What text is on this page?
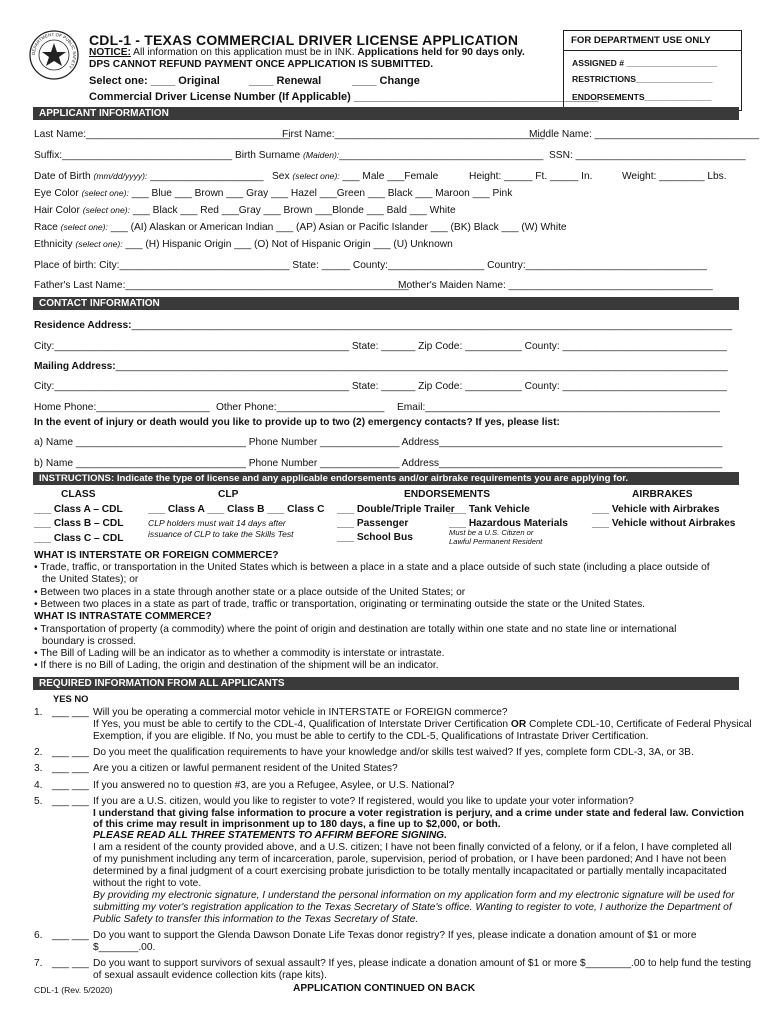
DEPARTMENT OF PUBLIC SAFETY
CDL-1 - TEXAS COMMERCIAL DRIVER LICENSE APPLICATION
NOTICE: All information on this application must be in INK. Applications held for 90 days only.
DPS CANNOT REFUND PAYMENT ONCE APPLICATION IS SUBMITTED.
Select one: ____ Original	____ Renewal	____ Change
Commercial Driver License Number (If Applicable) ________________________________________
FOR DEPARTMENT USE ONLY
ASSIGNED # ___________________
RESTRICTIONS________________
ENDORSEMENTS______________
APPLICANT INFORMATION
Last Name:____________________________________
First Name:_____________________________________
Middle Name: _____________________________
Suffix:______________________________ Birth Surname (Maiden):____________________________________ SSN: ______________________________
Date of Birth (mm/dd/yyyy): ____________________ Sex (select one): ___ Male ___Female	Height: _____ Ft. _____ In.	Weight: ________ Lbs.
Eye Color (select one): ___ Blue ___ Brown ___ Gray ___ Hazel ___Green ___ Black ___ Maroon ___ Pink
Hair Color (select one): ___ Black ___ Red ___Gray ___ Brown ___Blonde ___ Bald ___ White
Race (select one): ___ (AI) Alaskan or American Indian ___ (AP) Asian or Pacific Islander ___ (BK) Black ___ (W) White
Ethnicity (select one): ___ (H) Hispanic Origin ___ (O) Not of Hispanic Origin ___ (U) Unknown
Place of birth: City:______________________________ State: _____ County:_________________ Country:________________________________
Father's Last Name:__________________________________________________
Mother's Maiden Name: ____________________________________
CONTACT INFORMATION
Residence Address:__________________________________________________________________________________________________________
City:____________________________________________________ State: ______ Zip Code: __________ County: _____________________________
Mailing Address:____________________________________________________________________________________________________________
City:____________________________________________________ State: ______ Zip Code: __________ County: _____________________________
Home Phone:____________________ Other Phone:___________________ Email:____________________________________________________
In the event of injury or death would you like to provide up to two (2) emergency contacts? If yes, please list:
a) Name ______________________________ Phone Number ______________ Address__________________________________________________
b) Name ______________________________ Phone Number ______________ Address__________________________________________________
INSTRUCTIONS: Indicate the type of license and any applicable endorsements and/or airbrake requirements you are applying for.
CLASS
___ Class A – CDL
___ Class B – CDL
___ Class C – CDL
CLP
___ Class A ___ Class B ___ Class C
CLP holders must wait 14 days after
issuance of CLP to take the Skills Test
ENDORSEMENTS
___ Double/Triple Trailer
___ Tank Vehicle
___ Passenger	___ Hazardous Materials
Must be a U.S. Citizen or
Lawful Permanent Resident
___ School Bus
AIRBRAKES
___ Vehicle with Airbrakes
___ Vehicle without Airbrakes
WHAT IS INTERSTATE OR FOREIGN COMMERCE?
• Trade, traffic, or transportation in the United States which is between a place in a state and a place outside of such state (including a place outside of
the United States); or
• Between two places in a state through another state or a place outside of the United States; or
• Between two places in a state as part of trade, traffic or transportation, originating or terminating outside the state or the United States.
WHAT IS INTRASTATE COMMERCE?
• Transportation of property (a commodity) where the point of origin and destination are totally within one state and no state line or international
boundary is crossed.
• The Bill of Lading will be an indicator as to whether a commodity is interstate or intrastate.
• If there is no Bill of Lading, the origin and destination of the shipment will be an indicator.
REQUIRED INFORMATION FROM ALL APPLICANTS
YES NO
1. ___ ___ Will you be operating a commercial motor vehicle in INTERSTATE or FOREIGN commerce?
If Yes, you must be able to certify to the CDL-4, Qualification of Interstate Driver Certification OR Complete CDL-10, Certificate of Federal Physical
Exemption, if you are eligible. If No, you must be able to certify to the CDL-5, Qualifications of Intrastate Driver Certification.
2. ___ ___ Do you meet the qualification requirements to have your knowledge and/or skills test waived? If yes, complete form CDL-3, 3A, or 3B.
3. ___ ___ Are you a citizen or lawful permanent resident of the United States?
4. ___ ___ If you answered no to question #3, are you a Refugee, Asylee, or U.S. National?
5. ___ ___ If you are a U.S. citizen, would you like to register to vote? If registered, would you like to update your voter information?
I understand that giving false information to procure a voter registration is perjury, and a crime under state and federal law. Conviction
of this crime may result in imprisonment up to 180 days, a fine up to $2,000, or both.
PLEASE READ ALL THREE STATEMENTS TO AFFIRM BEFORE SIGNING.
I am a resident of the county provided above, and a U.S. citizen; I have not been finally convicted of a felony, or if a felon, I have completed all
of my punishment including any term of incarceration, parole, supervision, period of probation, or I have been pardoned; And I have not been
determined by a final judgment of a court exercising probate jurisdiction to be totally mentally incapacitated or partially mentally incapacitated
without the right to vote.
By providing my electronic signature, I understand the personal information on my application form and my electronic signature will be used for
submitting my voter's registration application to the Texas Secretary of State's office. Wanting to register to vote, I authorize the Department of
Public Safety to transfer this information to the Texas Secretary of State.
6. ___ ___ Do you want to support the Glenda Dawson Donate Life Texas donor registry? If yes, please indicate a donation amount of $1 or more
$_______.00.
7. ___ ___ Do you want to support survivors of sexual assault? If yes, please indicate a donation amount of $1 or more $________.00 to help fund the testing
of sexual assault evidence collection kits (rape kits).
CDL-1 (Rev. 5/2020)	APPLICATION CONTINUED ON BACK
